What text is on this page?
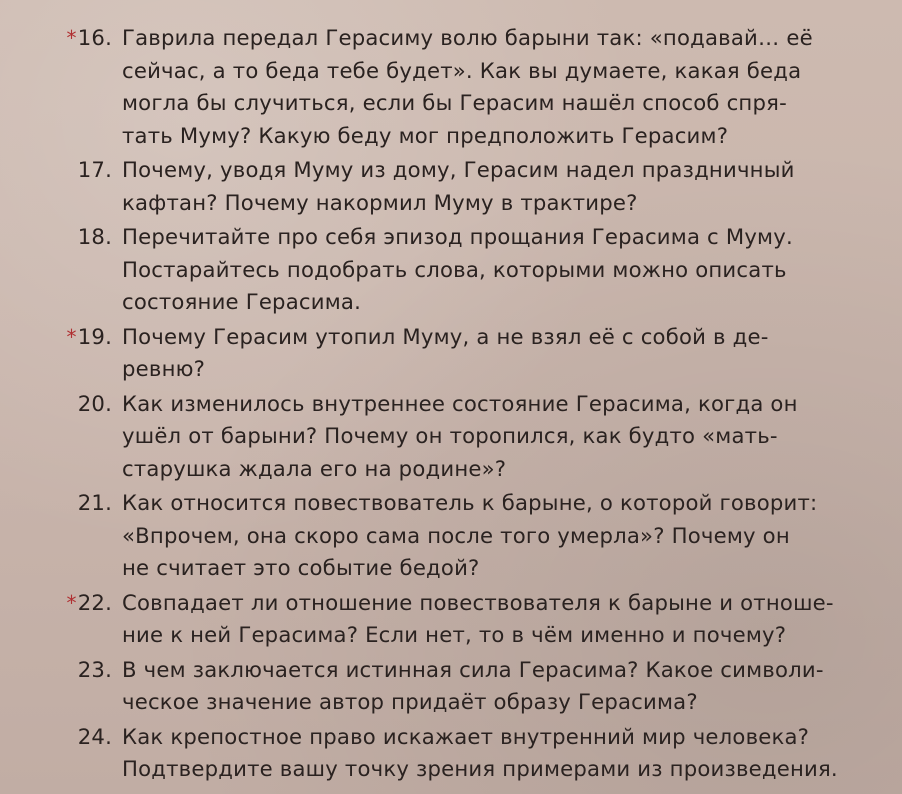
*16. Гаврила передал Герасиму волю барыни так: «подавай… её
сейчас, а то беда тебе будет». Как вы думаете, какая беда
могла бы случиться, если бы Герасим нашёл способ спря-
тать Муму? Какую беду мог предположить Герасим?
17. Почему, уводя Муму из дому, Герасим надел праздничный
кафтан? Почему накормил Муму в трактире?
18. Перечитайте про себя эпизод прощания Герасима с Муму.
Постарайтесь подобрать слова, которыми можно описать
состояние Герасима.
*19. Почему Герасим утопил Муму, а не взял её с собой в де-
ревню?
20. Как изменилось внутреннее состояние Герасима, когда он
ушёл от барыни? Почему он торопился, как будто «мать-
старушка ждала его на родине»?
21. Как относится повествователь к барыне, о которой говорит:
«Впрочем, она скоро сама после того умерла»? Почему он
не считает это событие бедой?
*22. Совпадает ли отношение повествователя к барыне и отноше-
ние к ней Герасима? Если нет, то в чём именно и почему?
23. В чем заключается истинная сила Герасима? Какое символи-
ческое значение автор придаёт образу Герасима?
24. Как крепостное право искажает внутренний мир человека?
Подтвердите вашу точку зрения примерами из произведения.
